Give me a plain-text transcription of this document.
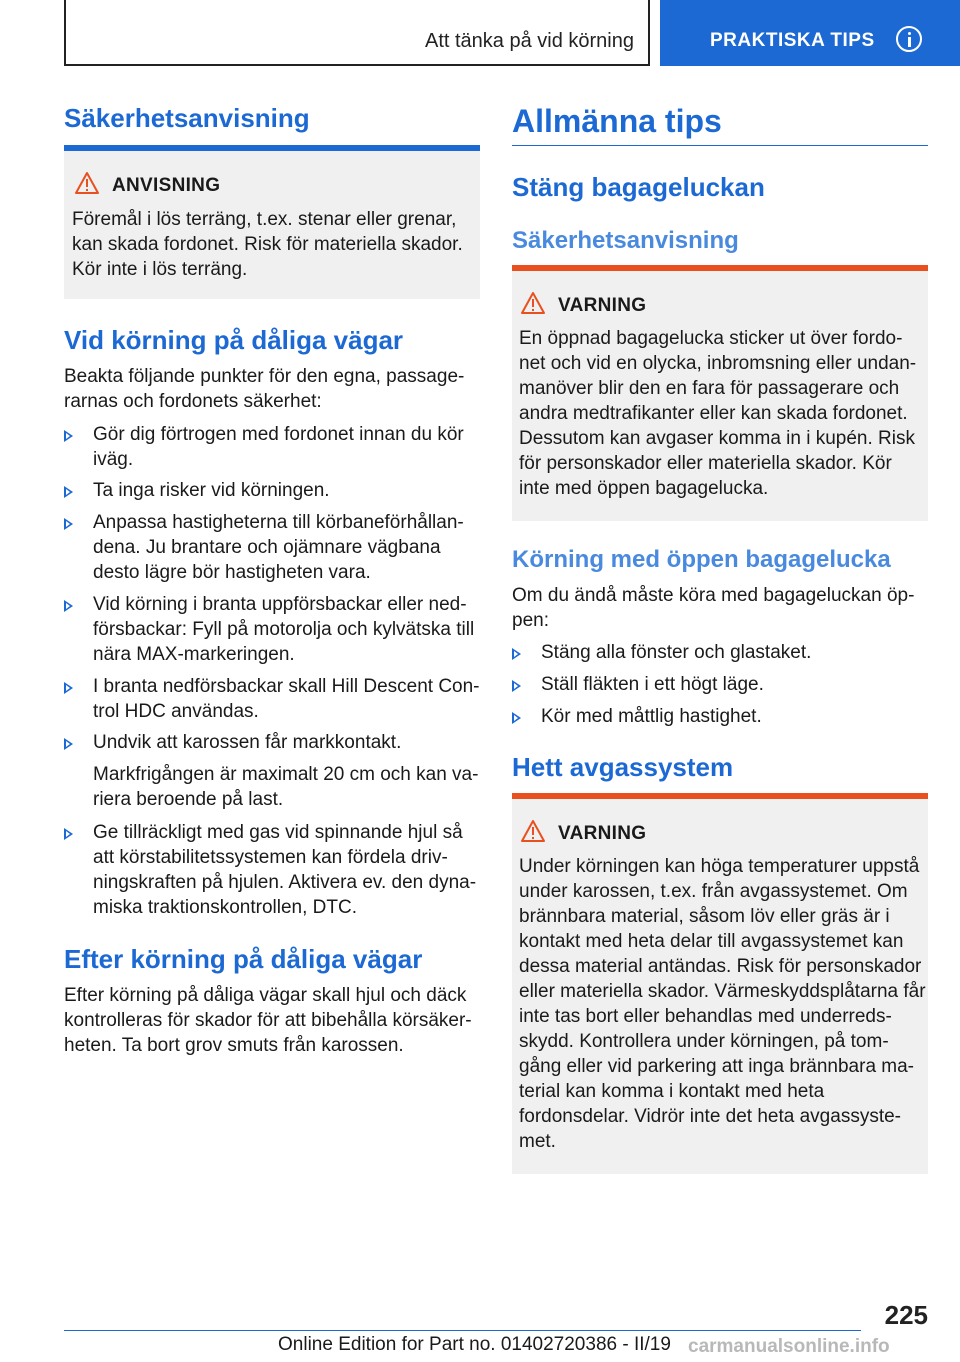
Att tänka på vid körning	PRAKTISKA TIPS
Säkerhetsanvisning
ANVISNING
Föremål i lös terräng, t.ex. stenar eller grenar,
kan skada fordonet. Risk för materiella skador.
Kör inte i lös terräng.
Vid körning på dåliga vägar
Beakta följande punkter för den egna, passage-
rarnas och fordonets säkerhet:
Gör dig förtrogen med fordonet innan du kör
iväg.
Ta inga risker vid körningen.
Anpassa hastigheterna till körbaneförhållan-
dena. Ju brantare och ojämnare vägbana
desto lägre bör hastigheten vara.
Vid körning i branta uppförsbackar eller ned-
försbackar: Fyll på motorolja och kylvätska till
nära MAX-markeringen.
I branta nedförsbackar skall Hill Descent Con-
trol HDC användas.
Undvik att karossen får markkontakt.
Markfrigången är maximalt 20 cm och kan va-
riera beroende på last.
Ge tillräckligt med gas vid spinnande hjul så
att körstabilitetssystemen kan fördela driv-
ningskraften på hjulen. Aktivera ev. den dyna-
miska traktionskontrollen, DTC.
Efter körning på dåliga vägar
Efter körning på dåliga vägar skall hjul och däck
kontrolleras för skador för att bibehålla körsäker-
heten. Ta bort grov smuts från karossen.
Allmänna tips
Stäng bagageluckan
Säkerhetsanvisning
VARNING
En öppnad bagagelucka sticker ut över fordo-
net och vid en olycka, inbromsning eller undan-
manöver blir den en fara för passagerare och
andra medtrafikanter eller kan skada fordonet.
Dessutom kan avgaser komma in i kupén. Risk
för personskador eller materiella skador. Kör
inte med öppen bagagelucka.
Körning med öppen bagagelucka
Om du ändå måste köra med bagageluckan öp-
pen:
Stäng alla fönster och glastaket.
Ställ fläkten i ett högt läge.
Kör med måttlig hastighet.
Hett avgassystem
VARNING
Under körningen kan höga temperaturer uppstå
under karossen, t.ex. från avgassystemet. Om
brännbara material, såsom löv eller gräs är i
kontakt med heta delar till avgassystemet kan
dessa material antändas. Risk för personskador
eller materiella skador. Värmeskyddsplåtarna får
inte tas bort eller behandlas med underreds-
skydd. Kontrollera under körningen, på tom-
gång eller vid parkering att inga brännbara ma-
terial kan komma i kontakt med heta
fordonsdelar. Vidrör inte det heta avgassyste-
met.
225
Online Edition for Part no. 01402720386 - II/19 carmanualsonline.info
